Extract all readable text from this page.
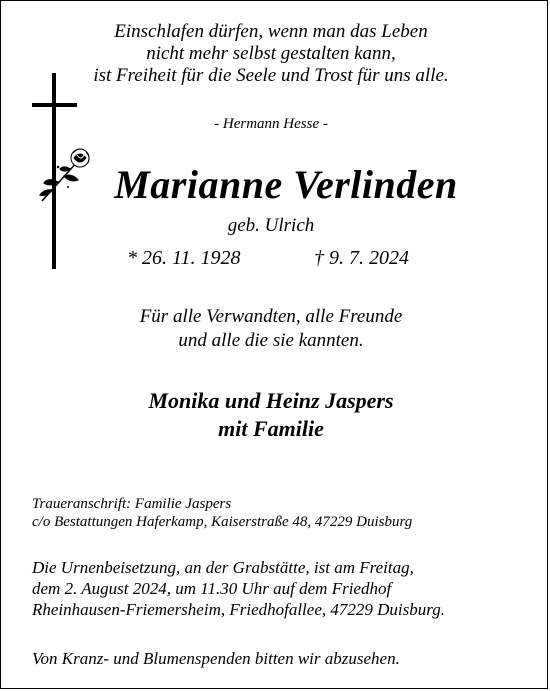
Einschlafen dürfen, wenn man das Leben
nicht mehr selbst gestalten kann,
ist Freiheit für die Seele und Trost für uns alle.
- Hermann Hesse -
Marianne Verlinden
geb. Ulrich
* 26. 11. 1928	† 9. 7. 2024
Für alle Verwandten, alle Freunde
und alle die sie kannten.
Monika und Heinz Jaspers
mit Familie
Traueranschrift: Familie Jaspers
c/o Bestattungen Haferkamp, Kaiserstraße 48, 47229 Duisburg
Die Urnenbeisetzung, an der Grabstätte, ist am Freitag,
dem 2. August 2024, um 11.30 Uhr auf dem Friedhof
Rheinhausen-Friemersheim, Friedhofallee, 47229 Duisburg.
Von Kranz- und Blumenspenden bitten wir abzusehen.
